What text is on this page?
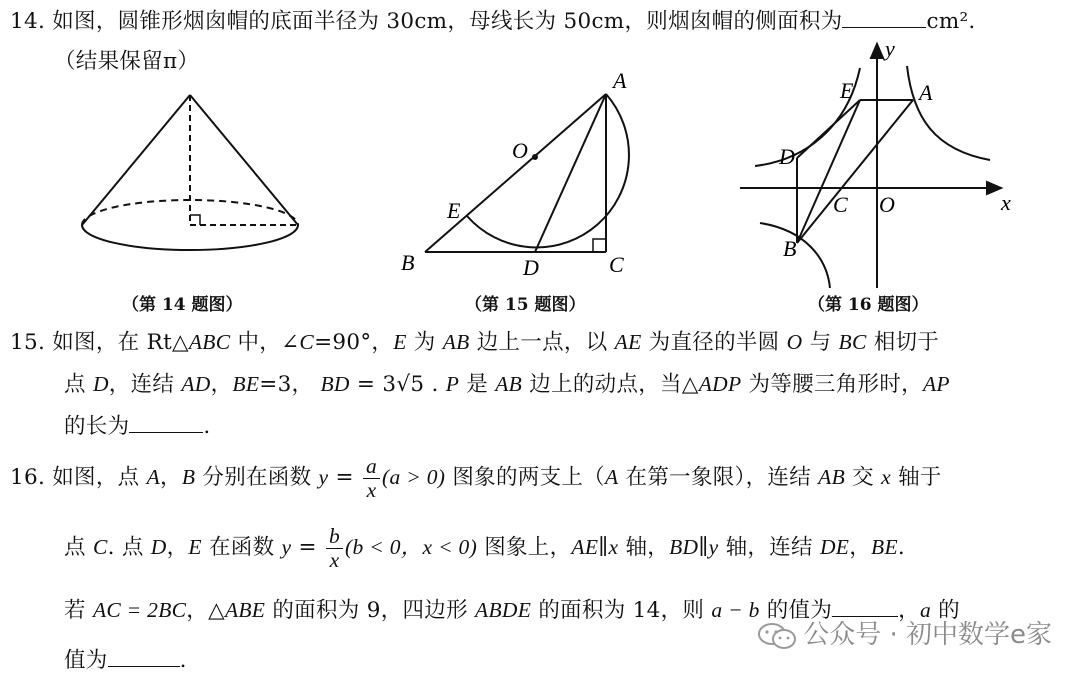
14. 如图，圆锥形烟囱帽的底面半径为 30cm，母线长为 50cm，则烟囱帽的侧面积为	cm².
（结果保留π）
（第 14 题图）
A
B	C
D
E
O
（第 15 题图）
y
x
E	A
D
C O
B
（第 16 题图）
15. 如图，在 Rt△ABC 中，∠C=90°，E 为 AB 边上一点，以 AE 为直径的半圆 O 与 BC 相切于
点 D，连结 AD，BE=3， BD = 3√5 . P 是 AB 边上的动点，当△ADP 为等腰三角形时，AP
的长为	.
16. 如图，点 A，B 分别在函数 $y = \frac{a}{x} (a > 0)$ 图象的两支上（A 在第一象限），连结 AB 交 x 轴于
点 C. 点 D，E 在函数 $y = \frac{b}{x} (b < 0$，x < 0) 图象上，AE∥x 轴，BD∥y 轴，连结 DE，BE.
若 AC = 2BC，△ABE 的面积为 9，四边形 ABDE 的面积为 14，则 a − b 的值为	，a 的
值为	.
公众号 · 初中数学e家
